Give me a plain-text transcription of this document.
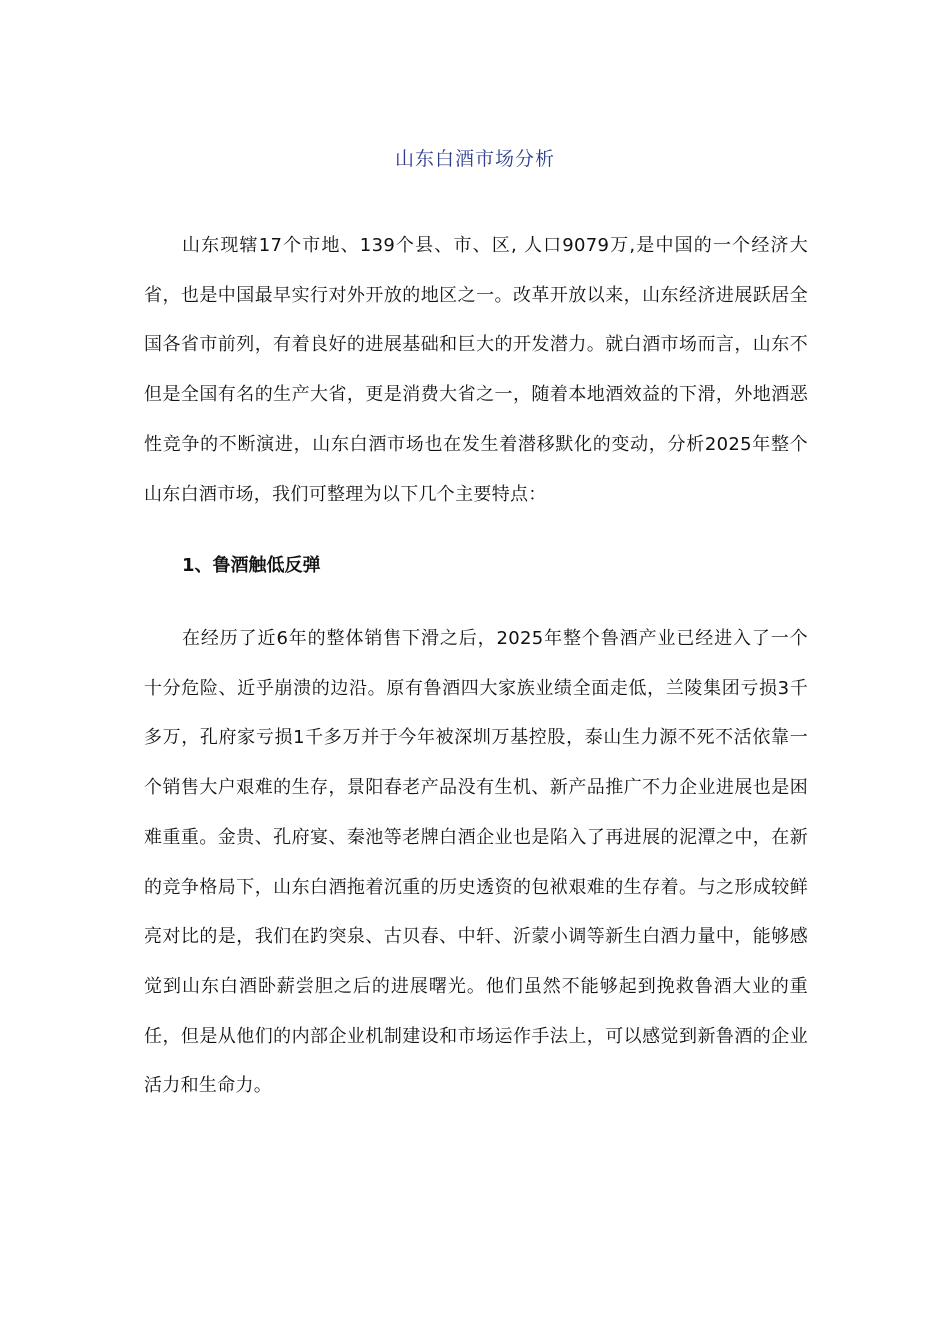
山东白酒市场分析

山东现辖17个市地、139个县、市、区, 人口9079万,是中国的一个经济大省，也是中国最早实行对外开放的地区之一。改革开放以来，山东经济进展跃居全国各省市前列，有着良好的进展基础和巨大的开发潜力。就白酒市场而言，山东不但是全国有名的生产大省，更是消费大省之一，随着本地酒效益的下滑，外地酒恶性竞争的不断演进，山东白酒市场也在发生着潜移默化的变动，分析2025年整个山东白酒市场，我们可整理为以下几个主要特点：

1、鲁酒触低反弹

在经历了近6年的整体销售下滑之后，2025年整个鲁酒产业已经进入了一个十分危险、近乎崩溃的边沿。原有鲁酒四大家族业绩全面走低，兰陵集团亏损3千多万，孔府家亏损1千多万并于今年被深圳万基控股，泰山生力源不死不活依靠一个销售大户艰难的生存，景阳春老产品没有生机、新产品推广不力企业进展也是困难重重。金贵、孔府宴、秦池等老牌白酒企业也是陷入了再进展的泥潭之中，在新的竞争格局下，山东白酒拖着沉重的历史透资的包袱艰难的生存着。与之形成较鲜亮对比的是，我们在趵突泉、古贝春、中轩、沂蒙小调等新生白酒力量中，能够感觉到山东白酒卧薪尝胆之后的进展曙光。他们虽然不能够起到挽救鲁酒大业的重任，但是从他们的内部企业机制建设和市场运作手法上，可以感觉到新鲁酒的企业活力和生命力。
